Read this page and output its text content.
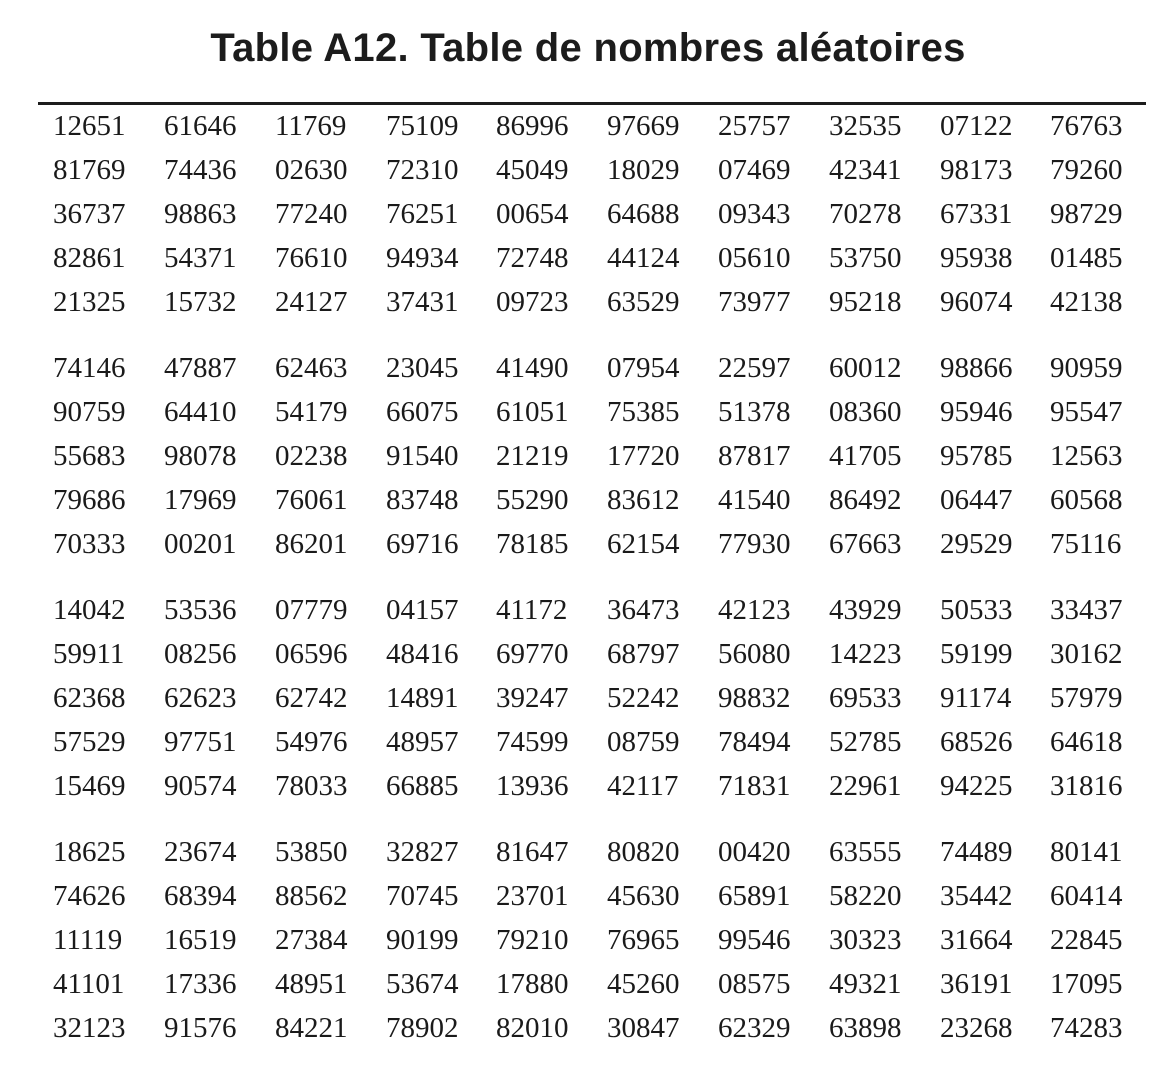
Table A12. Table de nombres aléatoires
12651	61646	11769	75109	86996	97669	25757	32535	07122	76763
81769	74436	02630	72310	45049	18029	07469	42341	98173	79260
36737	98863	77240	76251	00654	64688	09343	70278	67331	98729
82861	54371	76610	94934	72748	44124	05610	53750	95938	01485
21325	15732	24127	37431	09723	63529	73977	95218	96074	42138
74146	47887	62463	23045	41490	07954	22597	60012	98866	90959
90759	64410	54179	66075	61051	75385	51378	08360	95946	95547
55683	98078	02238	91540	21219	17720	87817	41705	95785	12563
79686	17969	76061	83748	55290	83612	41540	86492	06447	60568
70333	00201	86201	69716	78185	62154	77930	67663	29529	75116
14042	53536	07779	04157	41172	36473	42123	43929	50533	33437
59911	08256	06596	48416	69770	68797	56080	14223	59199	30162
62368	62623	62742	14891	39247	52242	98832	69533	91174	57979
57529	97751	54976	48957	74599	08759	78494	52785	68526	64618
15469	90574	78033	66885	13936	42117	71831	22961	94225	31816
18625	23674	53850	32827	81647	80820	00420	63555	74489	80141
74626	68394	88562	70745	23701	45630	65891	58220	35442	60414
11119	16519	27384	90199	79210	76965	99546	30323	31664	22845
41101	17336	48951	53674	17880	45260	08575	49321	36191	17095
32123	91576	84221	78902	82010	30847	62329	63898	23268	74283
